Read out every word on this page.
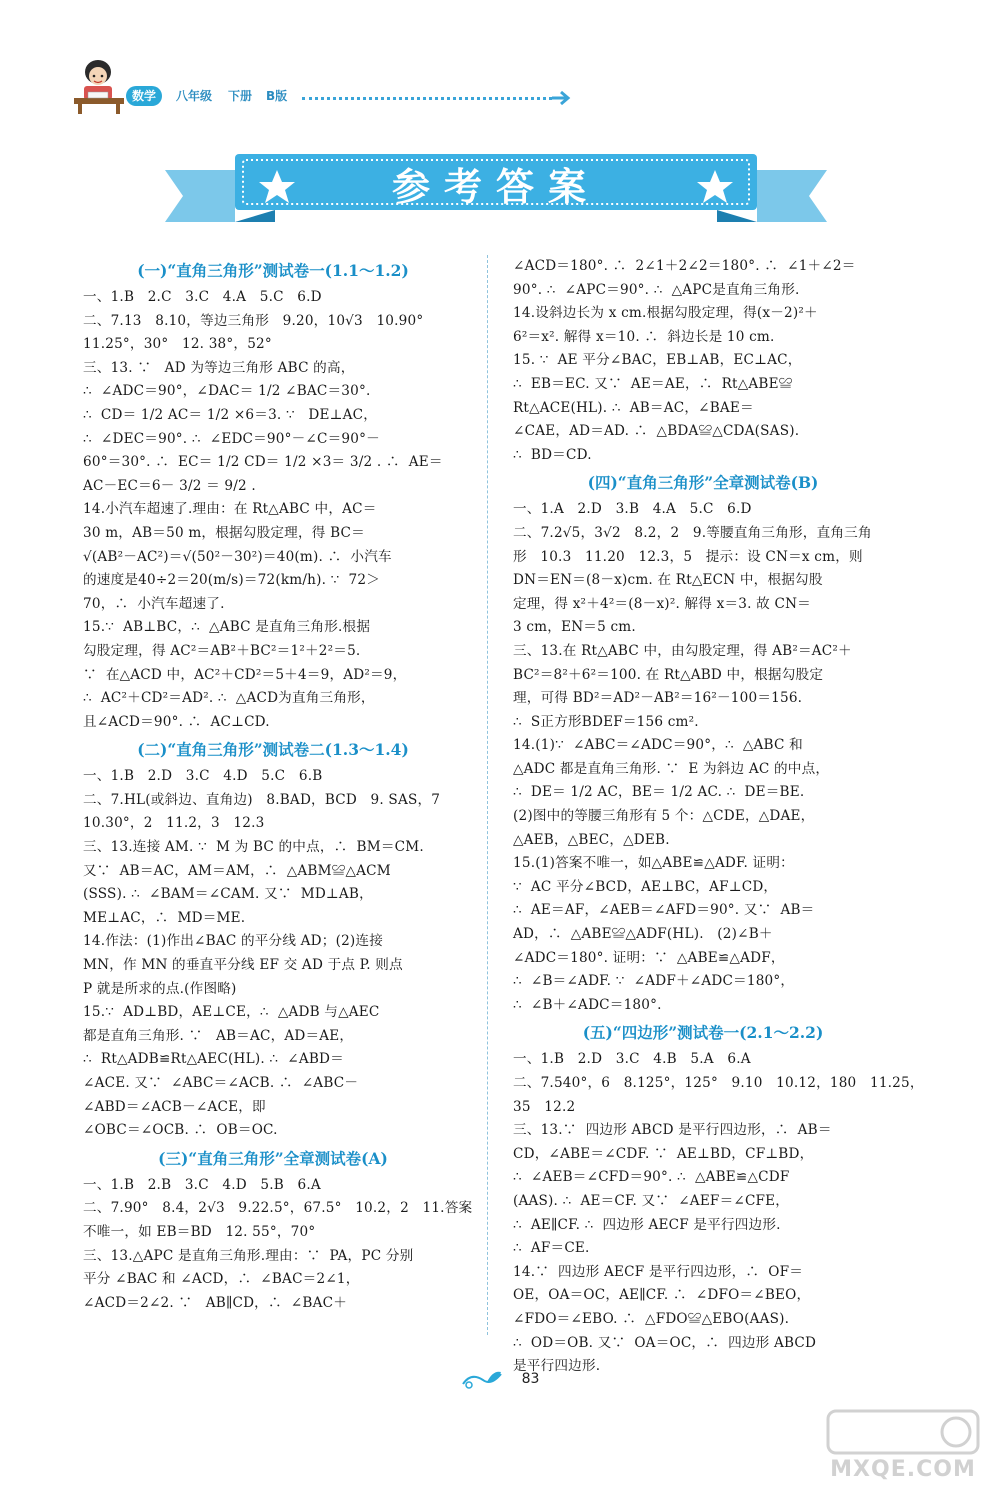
数学	八年级 下册 B版
参考答案
(一)“直角三角形”测试卷一(1.1～1.2)
一、1.B   2.C   3.C   4.A   5.C   6.D
二、7.13   8.10，等边三角形   9.20，10√3   10.90°
11.25°，30°   12. 38°，52°
三、13. ∵   AD 为等边三角形 ABC 的高，
∴  ∠ADC＝90°，∠DAC＝ 1/2 ∠BAC＝30°.
∴  CD＝ 1/2 AC＝ 1/2 ×6＝3. ∵   DE⊥AC，
∴  ∠DEC＝90°. ∴  ∠EDC＝90°－∠C＝90°－
60°＝30°. ∴  EC＝ 1/2 CD＝ 1/2 ×3＝ 3/2 . ∴  AE＝
AC－EC＝6－ 3/2 ＝ 9/2 .
14.小汽车超速了.理由：在 Rt△ABC 中，AC＝
30 m，AB＝50 m，根据勾股定理，得 BC＝
√(AB²－AC²)＝√(50²－30²)＝40(m). ∴  小汽车
的速度是40÷2＝20(m/s)＝72(km/h). ∵  72＞
70，∴  小汽车超速了.
15.∵  AB⊥BC，∴  △ABC 是直角三角形.根据
勾股定理，得 AC²＝AB²＋BC²＝1²＋2²＝5.
∵  在△ACD 中，AC²＋CD²＝5＋4＝9，AD²＝9，
∴  AC²＋CD²＝AD². ∴  △ACD为直角三角形，
且∠ACD＝90°. ∴  AC⊥CD.
(二)“直角三角形”测试卷二(1.3～1.4)
一、1.B   2.D   3.C   4.D   5.C   6.B
二、7.HL(或斜边、直角边)   8.BAD，BCD   9. SAS，7
10.30°，2   11.2，3   12.3
三、13.连接 AM. ∵  M 为 BC 的中点，∴  BM＝CM.
又∵  AB＝AC，AM＝AM，∴  △ABM≌△ACM
(SSS). ∴  ∠BAM＝∠CAM. 又∵  MD⊥AB，
ME⊥AC，∴  MD＝ME.
14.作法：(1)作出∠BAC 的平分线 AD；(2)连接
MN，作 MN 的垂直平分线 EF 交 AD 于点 P. 则点
P 就是所求的点.(作图略)
15.∵  AD⊥BD，AE⊥CE，∴  △ADB 与△AEC
都是直角三角形. ∵   AB＝AC，AD＝AE，
∴  Rt△ADB≌Rt△AEC(HL). ∴  ∠ABD＝
∠ACE. 又∵  ∠ABC＝∠ACB. ∴  ∠ABC－
∠ABD＝∠ACB－∠ACE，即
∠OBC＝∠OCB. ∴  OB＝OC.
(三)“直角三角形”全章测试卷(A)
一、1.B   2.B   3.C   4.D   5.B   6.A
二、7.90°   8.4，2√3   9.22.5°，67.5°   10.2，2   11.答案
不唯一，如 EB＝BD   12. 55°，70°
三、13.△APC 是直角三角形.理由：∵  PA，PC 分别
平分 ∠BAC 和 ∠ACD，∴  ∠BAC＝2∠1，
∠ACD＝2∠2. ∵   AB∥CD，∴  ∠BAC＋
∠ACD＝180°. ∴  2∠1＋2∠2＝180°. ∴  ∠1＋∠2＝
90°. ∴  ∠APC＝90°. ∴  △APC是直角三角形.
14.设斜边长为 x cm.根据勾股定理，得(x－2)²＋
6²＝x². 解得 x＝10. ∴  斜边长是 10 cm.
15. ∵  AE 平分∠BAC，EB⊥AB，EC⊥AC，
∴  EB＝EC. 又∵  AE＝AE，∴  Rt△ABE≌
Rt△ACE(HL). ∴  AB＝AC，∠BAE＝
∠CAE，AD＝AD. ∴  △BDA≌△CDA(SAS).
∴  BD＝CD.
(四)“直角三角形”全章测试卷(B)
一、1.A   2.D   3.B   4.A   5.C   6.D
二、7.2√5，3√2   8.2，2   9.等腰直角三角形，直角三角
形   10.3   11.20   12.3，5   提示：设 CN＝x cm，则
DN＝EN＝(8－x)cm. 在 Rt△ECN 中，根据勾股
定理，得 x²＋4²＝(8－x)². 解得 x＝3. 故 CN＝
3 cm，EN＝5 cm.
三、13.在 Rt△ABC 中，由勾股定理，得 AB²＝AC²＋
BC²＝8²＋6²＝100. 在 Rt△ABD 中，根据勾股定
理，可得 BD²＝AD²－AB²＝16²－100＝156.
∴  S正方形BDEF＝156 cm².
14.(1)∵  ∠ABC＝∠ADC＝90°，∴  △ABC 和
△ADC 都是直角三角形. ∵  E 为斜边 AC 的中点，
∴  DE＝ 1/2 AC，BE＝ 1/2 AC. ∴  DE＝BE.
(2)图中的等腰三角形有 5 个：△CDE，△DAE，
△AEB，△BEC，△DEB.
15.(1)答案不唯一，如△ABE≌△ADF. 证明：
∵  AC 平分∠BCD，AE⊥BC，AF⊥CD，
∴  AE＝AF，∠AEB＝∠AFD＝90°. 又∵  AB＝
AD，∴  △ABE≌△ADF(HL).   (2)∠B＋
∠ADC＝180°. 证明：∵  △ABE≌△ADF，
∴  ∠B＝∠ADF. ∵  ∠ADF＋∠ADC＝180°，
∴  ∠B＋∠ADC＝180°.
(五)“四边形”测试卷一(2.1～2.2)
一、1.B   2.D   3.C   4.B   5.A   6.A
二、7.540°，6   8.125°，125°   9.10   10.12，180   11.25，
35   12.2
三、13.∵  四边形 ABCD 是平行四边形，∴  AB＝
CD，∠ABE＝∠CDF. ∵  AE⊥BD，CF⊥BD，
∴  ∠AEB＝∠CFD＝90°. ∴  △ABE≌△CDF
(AAS). ∴  AE＝CF. 又∵  ∠AEF＝∠CFE，
∴  AE∥CF. ∴  四边形 AECF 是平行四边形.
∴  AF＝CE.
14.∵  四边形 AECF 是平行四边形，∴  OF＝
OE，OA＝OC，AE∥CF. ∴  ∠DFO＝∠BEO，
∠FDO＝∠EBO. ∴  △FDO≌△EBO(AAS).
∴  OD＝OB. 又∵  OA＝OC，∴  四边形 ABCD
是平行四边形.
83
MXQE.COM
